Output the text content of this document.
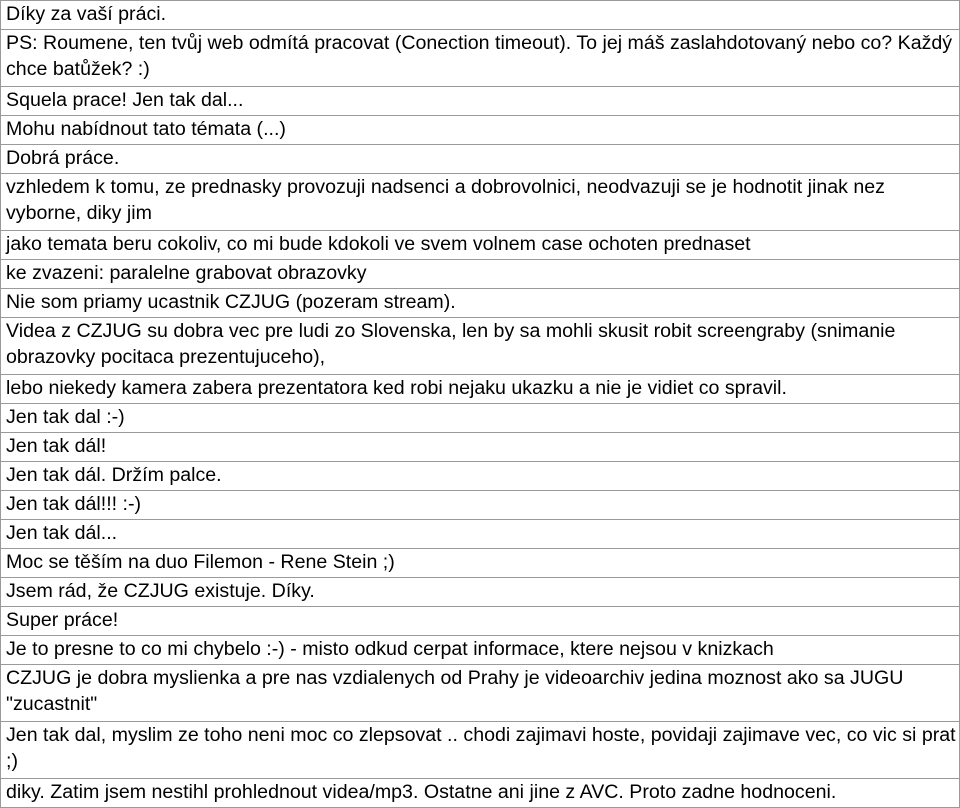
Díky za vaší práci.
PS: Roumene, ten tvůj web odmítá pracovat (Conection timeout). To jej máš zaslahdotovaný nebo co? Každý chce batůžek? :)
Squela prace! Jen tak dal...
Mohu nabídnout tato témata (...)
Dobrá práce.
vzhledem k tomu, ze prednasky provozuji nadsenci a dobrovolnici, neodvazuji se je hodnotit jinak nez vyborne, diky jim
jako temata beru cokoliv, co mi bude kdokoli ve svem volnem case ochoten prednaset
ke zvazeni: paralelne grabovat obrazovky
Nie som priamy ucastnik CZJUG (pozeram stream).
Videa z CZJUG su dobra vec pre ludi zo Slovenska, len by sa mohli skusit robit screengraby (snimanie obrazovky pocitaca prezentujuceho),
lebo niekedy kamera zabera prezentatora ked robi nejaku ukazku a nie je vidiet co spravil.
Jen tak dal :-)
Jen tak dál!
Jen tak dál. Držím palce.
Jen tak dál!!! :-)
Jen tak dál...
Moc se těším na duo Filemon - Rene Stein ;)
Jsem rád, že CZJUG existuje. Díky.
Super práce!
Je to presne to co mi chybelo :-) - misto odkud cerpat informace, ktere nejsou v knizkach
CZJUG je dobra myslienka a pre nas vzdialenych od Prahy je videoarchiv jedina moznost ako sa JUGU "zucastnit"
Jen tak dal, myslim ze toho neni moc co zlepsovat .. chodi zajimavi hoste, povidaji zajimave vec, co vic si prat ;)
diky. Zatim jsem nestihl prohlednout videa/mp3. Ostatne ani jine z AVC. Proto zadne hodnoceni.
